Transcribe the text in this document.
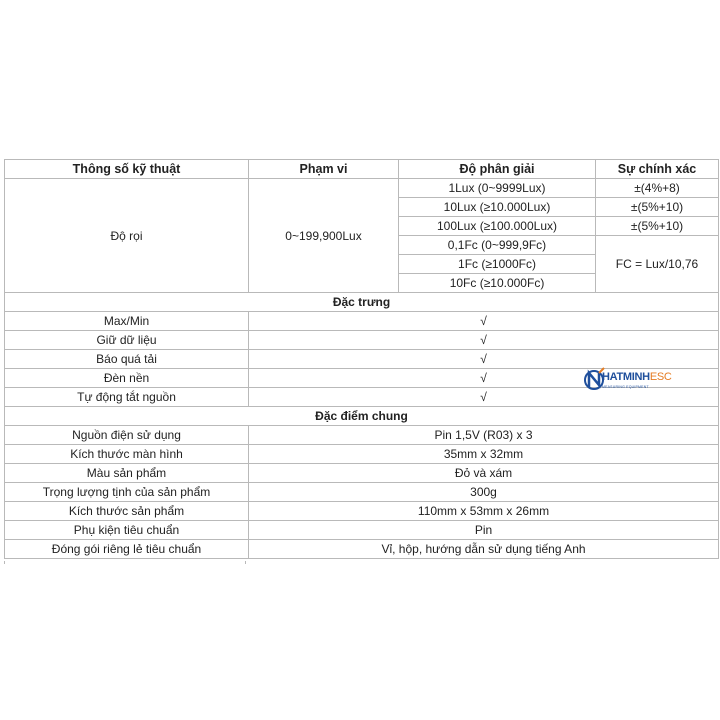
Thông số kỹ thuật	Phạm vi	Độ phân giải	Sự chính xác
Độ rọi	0~199,900Lux	1Lux (0~9999Lux)	±(4%+8)
		10Lux (≥10.000Lux)	±(5%+10)
		100Lux (≥100.000Lux)	±(5%+10)
		0,1Fc (0~999,9Fc)	FC = Lux/10,76
		1Fc (≥1000Fc)	
		10Fc (≥10.000Fc)	
Đặc trưng			
Max/Min	√		
Giữ dữ liệu	√		
Báo quá tải	√		
Đèn nền	√		
Tự động tắt nguồn	√		
Đặc điểm chung			
Nguồn điện sử dụng	Pin 1,5V (R03) x 3		
Kích thước màn hình	35mm x 32mm		
Màu sản phẩm	Đỏ và xám		
Trọng lượng tịnh của sản phẩm	300g		
Kích thước sản phẩm	110mm x 53mm x 26mm		
Phụ kiện tiêu chuẩn	Pin		
Đóng gói riêng lẻ tiêu chuẩn	Vỉ, hộp, hướng dẫn sử dụng tiếng Anh		
HATMINHESC
MEASURING EQUIPMENT
